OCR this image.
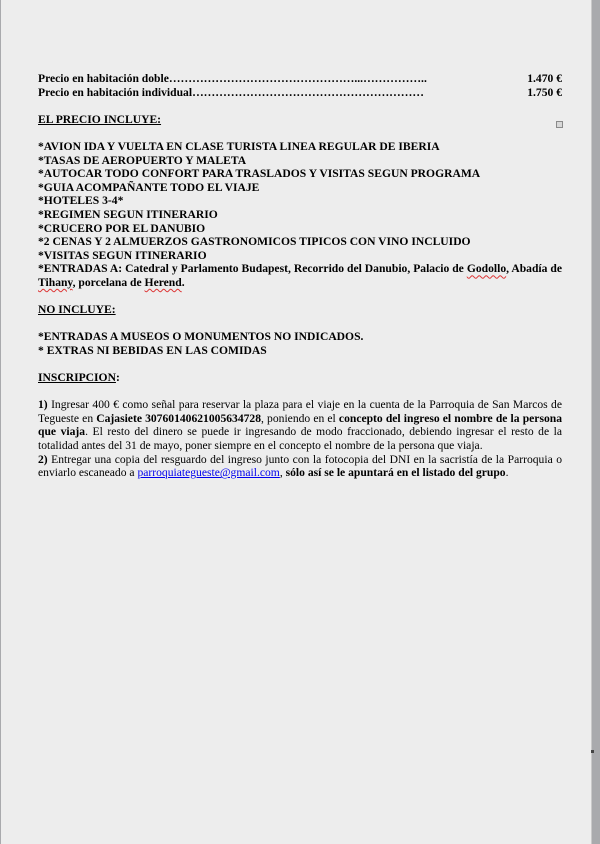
Precio en habitación doble…………………………………………...……………..	1.470 €
Precio en habitación individual……………………………………………………	1.750 €
EL PRECIO INCLUYE:
*AVION IDA Y VUELTA EN CLASE TURISTA LINEA REGULAR DE IBERIA
*TASAS DE AEROPUERTO Y MALETA
*AUTOCAR TODO CONFORT PARA TRASLADOS Y VISITAS SEGUN PROGRAMA
*GUIA ACOMPAÑANTE TODO EL VIAJE
*HOTELES 3-4*
*REGIMEN SEGUN ITINERARIO
*CRUCERO POR EL DANUBIO
*2 CENAS Y 2 ALMUERZOS GASTRONOMICOS TIPICOS CON VINO INCLUIDO
*VISITAS SEGUN ITINERARIO
*ENTRADAS A: Catedral y Parlamento Budapest, Recorrido del Danubio, Palacio de Godollo, Abadía de Tihany, porcelana de Herend.
NO INCLUYE:
*ENTRADAS A MUSEOS O MONUMENTOS NO INDICADOS.
* EXTRAS NI BEBIDAS EN LAS COMIDAS
INSCRIPCION:
1) Ingresar 400 € como señal para reservar la plaza para el viaje en la cuenta de la Parroquia de San Marcos de Tegueste en Cajasiete 30760140621005634728, poniendo en el concepto del ingreso el nombre de la persona que viaja. El resto del dinero se puede ir ingresando de modo fraccionado, debiendo ingresar el resto de la totalidad antes del 31 de mayo, poner siempre en el concepto el nombre de la persona que viaja.
2) Entregar una copia del resguardo del ingreso junto con la fotocopia del DNI en la sacristía de la Parroquia o enviarlo escaneado a parroquiategueste@gmail.com, sólo así se le apuntará en el listado del grupo.
